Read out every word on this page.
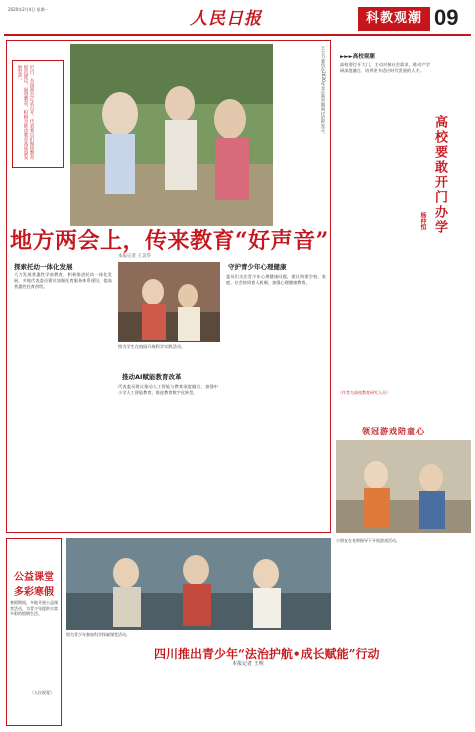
2020年2月4日 星期一	人民日报	科教观潮 09
近日，全国两会正式召开，代表委员们围绕教育提出建议，展望教育，积极为推动教育高质量发展发声。	王大力委员在2020年北京两会期间讨论时发言。
地方两会上，传来教育“好声音”
本报记者 王美华
探索托幼一体化发展
大力发展普惠性学前教育，积极推进托幼一体化发展，多地代表委员建议加强托育服务体系建设，提高普惠性托育供给。
图为学生在校园开展科学实践活动。
推动AI赋能教育改革
代表委员建议推动人工智能与教育深度融合，加强中小学人工智能教育，推进教育数字化转型。
守护青少年心理健康
委员们关注青少年心理健康问题，建议构建学校、家庭、社会协同育人机制，加强心理健康教育。
►►►高校观潮
高校要打开大门，主动对接社会需求，推动产学研深度融合，培养更多适应时代发展的人才。
高校要敢开门办学
杨仲恒
（作者为高校教育研究人员）
领冠游戏陪童心
小朋友在老师指导下开展游戏活动。
公益课堂
多彩寒假
寒假期间，多地开展公益课堂活动，为青少年提供丰富多彩的假期生活。
（人民视觉）
图为青少年参加科学探索课堂活动。
四川推出青少年“法治护航•成长赋能”行动
本报记者 王明
